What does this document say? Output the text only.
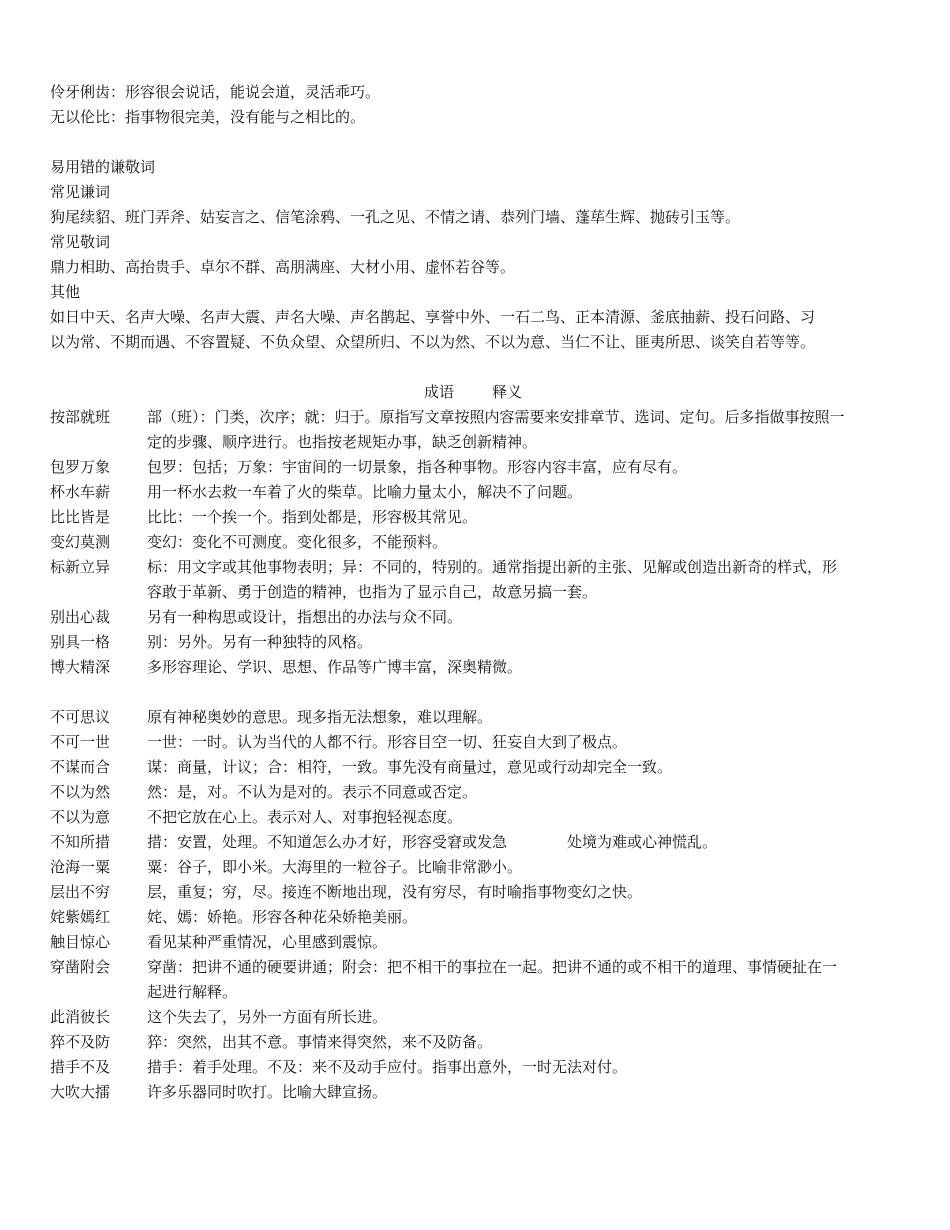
伶牙俐齿：形容很会说话，能说会道，灵活乖巧。
无以伦比：指事物很完美，没有能与之相比的。
易用错的谦敬词
常见谦词
狗尾续貂、班门弄斧、姑妄言之、信笔涂鸦、一孔之见、不情之请、恭列门墙、蓬荜生辉、抛砖引玉等。
常见敬词
鼎力相助、高抬贵手、卓尔不群、高朋满座、大材小用、虚怀若谷等。
其他
如日中天、名声大噪、名声大震、声名大噪、声名鹊起、享誉中外、一石二鸟、正本清源、釜底抽薪、投石问路、习以为常、不期而遇、不容置疑、不负众望、众望所归、不以为然、不以为意、当仁不让、匪夷所思、谈笑自若等等。
成语	释义
按部就班	部（班）：门类，次序；就：归于。原指写文章按照内容需要来安排章节、选词、定句。后多指做事按照一定的步骤、顺序进行。也指按老规矩办事，缺乏创新精神。
包罗万象	包罗：包括；万象：宇宙间的一切景象，指各种事物。形容内容丰富，应有尽有。
杯水车薪	用一杯水去救一车着了火的柴草。比喻力量太小，解决不了问题。
比比皆是	比比：一个挨一个。指到处都是，形容极其常见。
变幻莫测	变幻：变化不可测度。变化很多，不能预料。
标新立异	标：用文字或其他事物表明；异：不同的，特别的。通常指提出新的主张、见解或创造出新奇的样式，形容敢于革新、勇于创造的精神，也指为了显示自己，故意另搞一套。
别出心裁	另有一种构思或设计，指想出的办法与众不同。
别具一格	别：另外。另有一种独特的风格。
博大精深	多形容理论、学识、思想、作品等广博丰富，深奥精微。
不可思议	原有神秘奥妙的意思。现多指无法想象，难以理解。
不可一世	一世：一时。认为当代的人都不行。形容目空一切、狂妄自大到了极点。
不谋而合	谋：商量，计议；合：相符，一致。事先没有商量过，意见或行动却完全一致。
不以为然	然：是，对。不认为是对的。表示不同意或否定。
不以为意	不把它放在心上。表示对人、对事抱轻视态度。
不知所措	措：安置，处理。不知道怎么办才好，形容受窘或发急	处境为难或心神慌乱。
沧海一粟	粟：谷子，即小米。大海里的一粒谷子。比喻非常渺小。
层出不穷	层，重复；穷，尽。接连不断地出现，没有穷尽，有时喻指事物变幻之快。
姹紫嫣红	姹、嫣：娇艳。形容各种花朵娇艳美丽。
触目惊心	看见某种严重情况，心里感到震惊。
穿凿附会	穿凿：把讲不通的硬要讲通；附会：把不相干的事拉在一起。把讲不通的或不相干的道理、事情硬扯在一起进行解释。
此消彼长	这个失去了，另外一方面有所长进。
猝不及防	猝：突然，出其不意。事情来得突然，来不及防备。
措手不及	措手：着手处理。不及：来不及动手应付。指事出意外，一时无法对付。
大吹大擂	许多乐器同时吹打。比喻大肆宣扬。
